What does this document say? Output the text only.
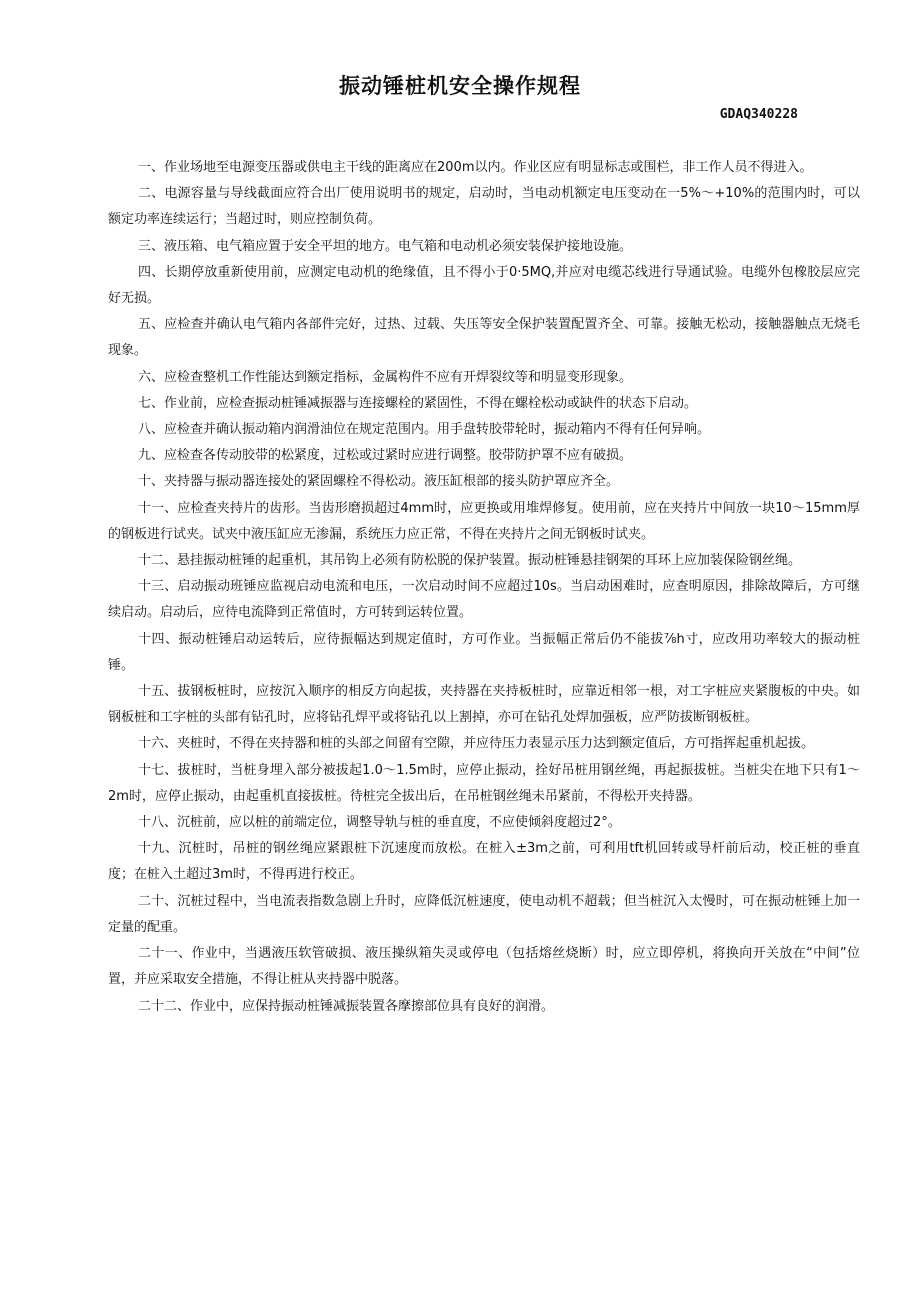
振动锤桩机安全操作规程
GDAQ340228

一、作业场地至电源变压器或供电主干线的距离应在200m以内。作业区应有明显标志或围栏，非工作人员不得进入。

二、电源容量与导线截面应符合出厂使用说明书的规定，启动时，当电动机额定电压变动在一5%～+10%的范围内时，可以额定功率连续运行；当超过时，则应控制负荷。

三、液压箱、电气箱应置于安全平坦的地方。电气箱和电动机必须安装保护接地设施。

四、长期停放重新使用前，应测定电动机的绝缘值，且不得小于0·5MQ,并应对电缆芯线进行导通试验。电缆外包橡胶层应完好无损。

五、应检查并确认电气箱内各部件完好，过热、过载、失压等安全保护装置配置齐全、可靠。接触无松动，接触器触点无烧毛现象。

六、应检查整机工作性能达到额定指标，金属构件不应有开焊裂纹等和明显变形现象。

七、作业前，应检查振动桩锤减振器与连接螺栓的紧固性，不得在螺栓松动或缺件的状态下启动。

八、应检查并确认振动箱内润滑油位在规定范围内。用手盘转胶带轮时，振动箱内不得有任何异响。

九、应检查各传动胶带的松紧度，过松或过紧时应进行调整。胶带防护罩不应有破损。

十、夹持器与振动器连接处的紧固螺栓不得松动。液压缸根部的接头防护罩应齐全。

十一、应检查夹持片的齿形。当齿形磨损超过4mm时，应更换或用堆焊修复。使用前，应在夹持片中间放一块10～15mm厚的钢板进行试夹。试夹中液压缸应无渗漏，系统压力应正常，不得在夹持片之间无钢板时试夹。

十二、悬挂振动桩锤的起重机，其吊钩上必须有防松脱的保护装置。振动桩锤悬挂钢架的耳环上应加装保险钢丝绳。

十三、启动振动班锤应监视启动电流和电压，一次启动时间不应超过10s。当启动困难时，应查明原因，排除故障后，方可继续启动。启动后，应待电流降到正常值时，方可转到运转位置。

十四、振动桩锤启动运转后，应待振幅达到规定值时，方可作业。当振幅正常后仍不能拔⅞h寸，应改用功率较大的振动桩锤。

十五、拔钢板桩时，应按沉入顺序的相反方向起拔，夹持器在夹持板桩时，应靠近相邻一根，对工字桩应夹紧腹板的中央。如钢板桩和工字桩的头部有钻孔时，应将钻孔焊平或将钻孔以上割掉，亦可在钻孔处焊加强板，应严防拔断钢板桩。

十六、夹桩时，不得在夹持器和桩的头部之间留有空隙，并应待压力表显示压力达到额定值后，方可指挥起重机起拔。

十七、拔桩时，当桩身埋入部分被拔起1.0～1.5m时，应停止振动，拴好吊桩用钢丝绳，再起振拔桩。当桩尖在地下只有1～2m时，应停止振动，由起重机直接拔桩。待桩完全拔出后，在吊桩钢丝绳未吊紧前，不得松开夹持器。

十八、沉桩前，应以桩的前端定位，调整导轨与桩的垂直度，不应使倾斜度超过2°。

十九、沉桩时，吊桩的钢丝绳应紧跟桩下沉速度而放松。在桩入±3m之前，可利用tft机回转或导杆前后动，校正桩的垂直度；在桩入土超过3m时，不得再进行校正。

二十、沉桩过程中，当电流表指数急剧上升时，应降低沉桩速度，使电动机不超载；但当桩沉入太慢时，可在振动桩锤上加一定量的配重。

二十一、作业中，当遇液压软管破损、液压操纵箱失灵或停电（包括熔丝烧断）时，应立即停机，将换向开关放在“中间”位置，并应采取安全措施，不得让桩从夹持器中脱落。

二十二、作业中，应保持振动桩锤减振装置各摩擦部位具有良好的润滑。
